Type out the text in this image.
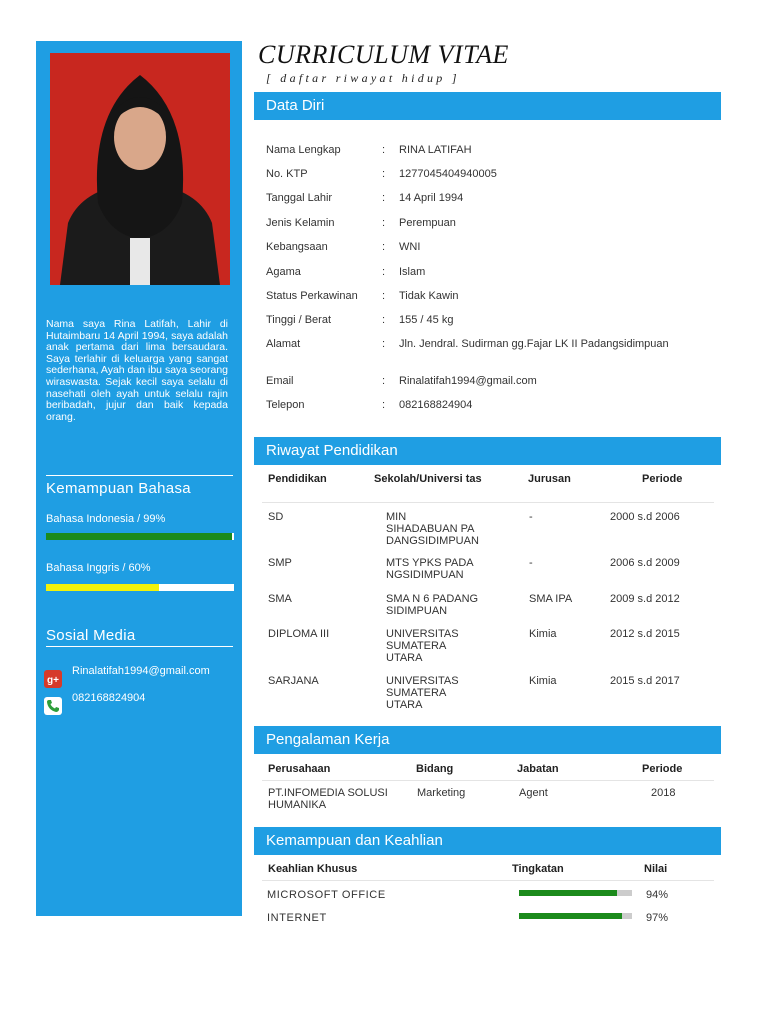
Nama saya Rina Latifah, Lahir di Hutaimbaru 14 April 1994, saya adalah anak pertama dari lima bersaudara. Saya terlahir di keluarga yang sangat sederhana, Ayah dan ibu saya seorang wiraswasta. Sejak kecil saya selalu di nasehati oleh ayah untuk selalu rajin beribadah, jujur dan baik kepada orang.
Kemampuan Bahasa
Bahasa Indonesia / 99%
Bahasa Inggris / 60%
Sosial Media
g+
Rinalatifah1994@gmail.com
082168824904
CURRICULUM VITAE
[ daftar riwayat hidup ]
Data Diri
Nama Lengkap	: RINA LATIFAH
No. KTP	: 1277045404940005
Tanggal Lahir	: 14 April 1994
Jenis Kelamin	: Perempuan
Kebangsaan	: WNI
Agama	: Islam
Status Perkawinan : Tidak Kawin
Tinggi / Berat	: 155 / 45 kg
Alamat	: Jln. Jendral. Sudirman gg.Fajar LK II Padangsidimpuan
Email	: Rinalatifah1994@gmail.com
Telepon	: 082168824904
Riwayat Pendidikan
Pendidikan	Sekolah/Universi tas	Jurusan	Periode
SD	MIN
SIHADABUAN PA
DANGSIDIMPUAN
-	2000 s.d 2006
SMP	MTS YPKS PADA
NGSIDIMPUAN
-	2006 s.d 2009
SMA	SMA N 6 PADANG
SIDIMPUAN
SMA IPA	2009 s.d 2012
DIPLOMA III	UNIVERSITAS
SUMATERA
UTARA
Kimia	2012 s.d 2015
SARJANA	UNIVERSITAS
SUMATERA
UTARA
Kimia	2015 s.d 2017
Pengalaman Kerja
Perusahaan	Bidang	Jabatan	Periode
PT.INFOMEDIA SOLUSI
HUMANIKA
Marketing	Agent	2018
Kemampuan dan Keahlian
Keahlian Khusus	Tingkatan	Nilai
MICROSOFT OFFICE	94%
INTERNET	97%
